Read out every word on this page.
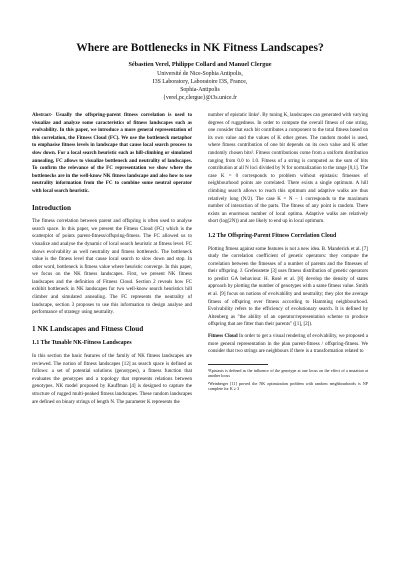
Where are Bottlenecks in NK Fitness Landscapes?
Sébastien Verel, Philippe Collard and Manuel Clergue
Université de Nice-Sophia Antipolis,
I3S Laboratory, Laboratoire I3S, France,
Sophia-Antipolis
{verel,pc,clergue}@i3s.unice.fr

Abstract- Usually the offspring-parent fitness correlation is used to visualize and analyze some caracteristics of fitness landscapes such as evolvability. In this paper, we introduce a more general representation of this correlation, the Fitness Cloud (FC). We use the bottleneck metaphor to emphasise fitness levels in landscape that cause local search process to slow down. For a local search heuristic such as hill-climbing or simulated annealing, FC allows to visualize bottleneck and neutrality of landscapes. To confirm the relevance of the FC representation we show where the bottlenecks are in the well-know NK fitness landscape and also how to use neutrality information from the FC to combine some neutral operator with local search heuristic.

Introduction

The fitness correlation between parent and offspring is often used to analyse search space. In this paper, we present the Fitness Cloud (FC) which is the scatterplot of points parent-fitness/offspring-fitness. The FC allowed us to visualize and analyse the dynamic of local search heuristic at fitness level. FC shows evolvability as well neutrality and fitness bottleneck. The bottleneck value is the fitness level that cause local search to slow down and stop. In other word, bottleneck is fitness value where heuristic converge. In this paper, we focus on the NK fitness landscapes. First, we present NK fitness landscapes and the definition of Fitness Cloud. Section 2 reveals how FC exhibit bottleneck in NK landscapes for two well-know search heuristics hill climber and simulated annealing. The FC represents the neutrality of landscape, section 3 proposes to use this information to design analyse and performance of strategy using neutrality.

1 NK Landscapes and Fitness Cloud
1.1 The Tunable NK-Fitness Landscapes

In this section the basic features of the family of NK fitness landscapes are reviewed. The notion of fitness landscapes [12] as search space is defined as follows: a set of potential solutions (genotypes), a fitness function that evaluates the genotypes and a topology that represents relations between genotypes. NK model proposed by Kauffman [4] is designed to capture the structure of rugged multi-peaked fitness landscapes. These random landscapes are defined on binary strings of length N. The parameter K represents the

number of epistatic links¹. By tuning K, landscapes can generated with varying degrees of ruggedness. In order to compute the overall fitness of one string, one consider that each bit contributes a component to the total fitness based on its own value and the values of K other genes. The random model is used, where fitness contribution of one bit depends on its own value and K other randomly chosen bits². Fitness contributions come from a uniform distribution ranging from 0.0 to 1.0. Fitness of a string is computed as the sum of bits contribution at all N loci divided by N for normalization to the range [0,1]. The case K = 0 corresponds to problem without epistasis: fitnesses of neighbourhood points are correlated. There exists a single optimum. A hill climbing search allows to reach this optimum and adaptive walks are thus relatively long (N/2). The case K = N − 1 corresponds to the maximum number of interaction of the parts. The fitness of any point is random. There exists an enormous number of local optima. Adaptive walks are relatively short (log(2N)) and are likely to end up in local optimum.

1.2 The Offspring-Parent Fitness Correlation Cloud

Plotting fitness against some features is not a new idea. B. Manderick et al. [7] study the correlation coefficient of genetic operators: they compute the correlation between the fitnesses of a number of parents and the fitnesses of their offspring. J. Grefenstette [3] uses fitness distribution of genetic operators to predict GA behaviour. H. Rosé et al. [8] develop the density of states approach by plotting the number of genotypes with a same fitness value. Smith et al. [9] focus on notions of evolvability and neutrality; they plot the average fitness of offspring over fitness according to Hamming neighbourhood. Evolvability refers to the efficiency of evolutionary search. It is defined by Altenberg as "the ability of an operator/representation scheme to produce offspring that are fitter than their parents" ([1], [2]).

Fitness Cloud In order to get a visual rendering of evolvability, we proposed a more general representation in the plan parent-fitness / offspring-fitness. We consider that two strings are neighbours if there is a transformation related to

¹Epistasis is defined as the influence of the genotype at one locus on the effect of a mutation at another locus

²Weinberger [11] proved the NK optimization problem with random neighbourhoods is NP complete for K ≥ 3
